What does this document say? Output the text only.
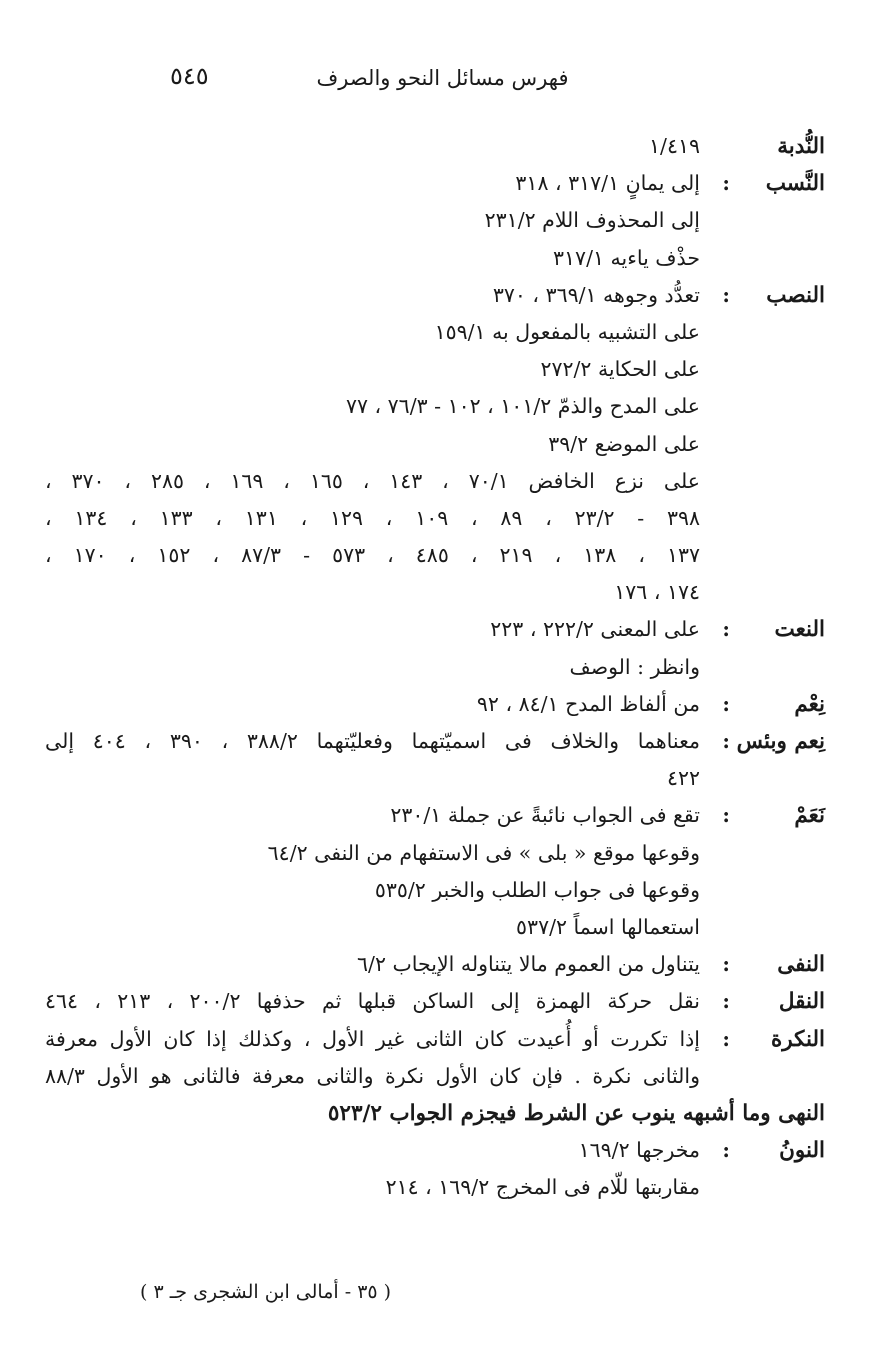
٥٤٥	فهرس مسائل النحو والصرف
النُّدبة
١/٤١٩
النَّسب
:
إلى يمانٍ ٣١٧/١ ، ٣١٨
إلى المحذوف اللام ٢٣١/٢
حذْف ياءيه ٣١٧/١
النصب
:
تعدُّد وجوهه ٣٦٩/١ ، ٣٧٠
على التشبيه بالمفعول به ١٥٩/١
على الحكاية ٢٧٢/٢
على المدح والذمّ ١٠١/٢ ، ١٠٢ - ٧٦/٣ ، ٧٧
على الموضع ٣٩/٢
على نزع الخافض ٧٠/١ ، ١٤٣ ، ١٦٥ ، ١٦٩ ، ٢٨٥ ، ٣٧٠ ،
٣٩٨ - ٢٣/٢ ، ٨٩ ، ١٠٩ ، ١٢٩ ، ١٣١ ، ١٣٣ ، ١٣٤ ،
١٣٧ ، ١٣٨ ، ٢١٩ ، ٤٨٥ ، ٥٧٣ - ٨٧/٣ ، ١٥٢ ، ١٧٠ ،
١٧٤ ، ١٧٦
النعت
:
على المعنى ٢٢٢/٢ ، ٢٢٣
وانظر : الوصف
نِعْم
:
من ألفاظ المدح ٨٤/١ ، ٩٢
نِعم وبئس
:
معناهما والخلاف فى اسميّتهما وفعليّتهما ٣٨٨/٢ ، ٣٩٠ ، ٤٠٤ إلى
٤٢٢
نَعَمْ
:
تقع فى الجواب نائبةً عن جملة ٢٣٠/١
وقوعها موقع « بلى » فى الاستفهام من النفى ٦٤/٢
وقوعها فى جواب الطلب والخبر ٥٣٥/٢
استعمالها اسماً ٥٣٧/٢
النفى
:
يتناول من العموم مالا يتناوله الإيجاب ٦/٢
النقل
:
نقل حركة الهمزة إلى الساكن قبلها ثم حذفها ٢٠٠/٢ ، ٢١٣ ، ٤٦٤
النكرة
:
إذا تكررت أو أُعيدت كان الثانى غير الأول ، وكذلك إذا كان الأول معرفة
والثانى نكرة . فإن كان الأول نكرة والثانى معرفة فالثانى هو الأول ٨٨/٣
النهى وما أشبهه ينوب عن الشرط فيجزم الجواب ٥٢٣/٢
النونُ
:
مخرجها ١٦٩/٢
مقاربتها للّام فى المخرج ١٦٩/٢ ، ٢١٤
( ٣٥ - أمالى ابن الشجرى جـ ٣ )
